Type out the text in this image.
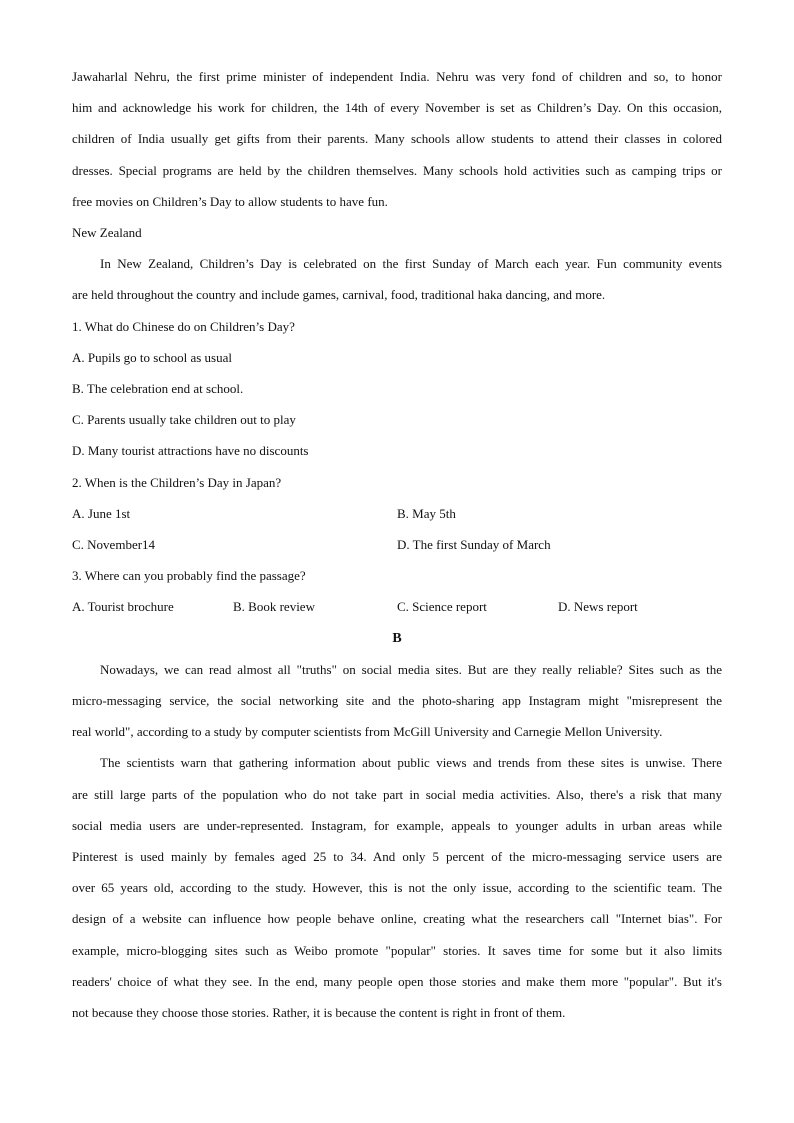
Jawaharlal Nehru, the first prime minister of independent India. Nehru was very fond of children and so, to honor
him and acknowledge his work for children, the 14th of every November is set as Children’s Day. On this occasion,
children of India usually get gifts from their parents. Many schools allow students to attend their classes in colored
dresses. Special programs are held by the children themselves. Many schools hold activities such as camping trips or
free movies on Children’s Day to allow students to have fun.
New Zealand
In New Zealand, Children’s Day is celebrated on the first Sunday of March each year. Fun community events
are held throughout the country and include games, carnival, food, traditional haka dancing, and more.
1. What do Chinese do on Children’s Day?
A. Pupils go to school as usual
B. The celebration end at school.
C. Parents usually take children out to play
D. Many tourist attractions have no discounts
2. When is the Children’s Day in Japan?
A. June 1st	B. May 5th
C. November14	D. The first Sunday of March
3. Where can you probably find the passage?
A. Tourist brochure	B. Book review	C. Science report	D. News report
B
Nowadays, we can read almost all "truths" on social media sites. But are they really reliable? Sites such as the
micro-messaging service, the social networking site and the photo-sharing app Instagram might "misrepresent the
real world", according to a study by computer scientists from McGill University and Carnegie Mellon University.
The scientists warn that gathering information about public views and trends from these sites is unwise. There
are still large parts of the population who do not take part in social media activities. Also, there's a risk that many
social media users are under-represented. Instagram, for example, appeals to younger adults in urban areas while
Pinterest is used mainly by females aged 25 to 34. And only 5 percent of the micro-messaging service users are
over 65 years old, according to the study. However, this is not the only issue, according to the scientific team. The
design of a website can influence how people behave online, creating what the researchers call "Internet bias". For
example, micro-blogging sites such as Weibo promote "popular" stories. It saves time for some but it also limits
readers' choice of what they see. In the end, many people open those stories and make them more "popular". But it's
not because they choose those stories. Rather, it is because the content is right in front of them.
